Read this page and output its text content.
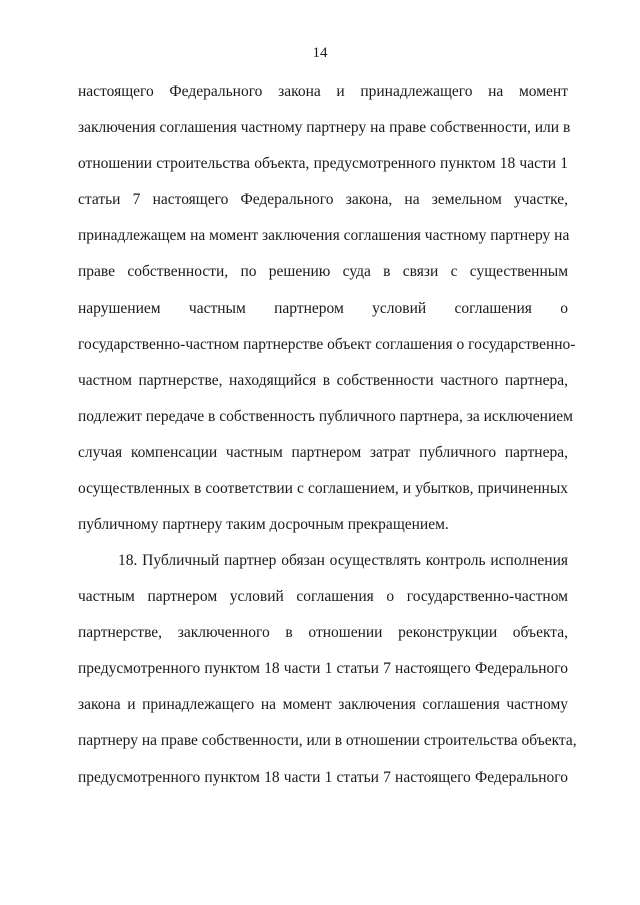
14
настоящего Федерального закона и принадлежащего на момент
заключения соглашения частному партнеру на праве собственности, или в
отношении строительства объекта, предусмотренного пунктом 18 части 1
статьи 7 настоящего Федерального закона, на земельном участке,
принадлежащем на момент заключения соглашения частному партнеру на
праве собственности, по решению суда в связи с существенным
нарушением частным партнером условий соглашения о
государственно-частном партнерстве объект соглашения о государственно-
частном партнерстве, находящийся в собственности частного партнера,
подлежит передаче в собственность публичного партнера, за исключением
случая компенсации частным партнером затрат публичного партнера,
осуществленных в соответствии с соглашением, и убытков, причиненных
публичному партнеру таким досрочным прекращением.
18. Публичный партнер обязан осуществлять контроль исполнения
частным партнером условий соглашения о государственно-частном
партнерстве, заключенного в отношении реконструкции объекта,
предусмотренного пунктом 18 части 1 статьи 7 настоящего Федерального
закона и принадлежащего на момент заключения соглашения частному
партнеру на праве собственности, или в отношении строительства объекта,
предусмотренного пунктом 18 части 1 статьи 7 настоящего Федерального
